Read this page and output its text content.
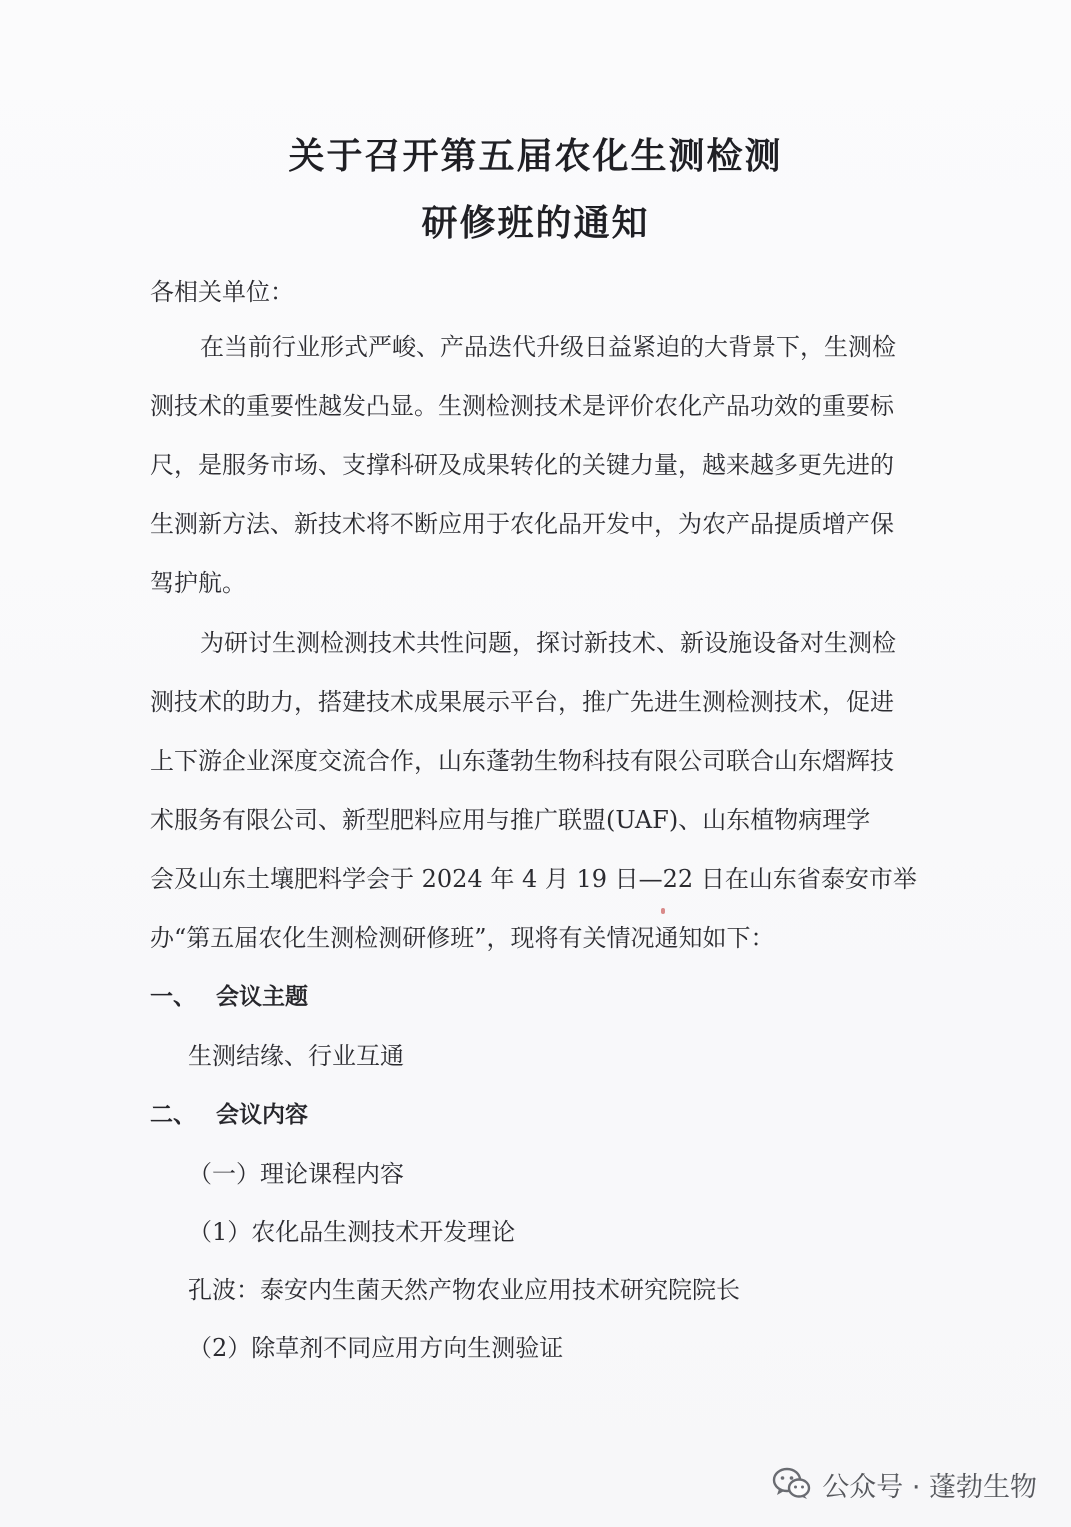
关于召开第五届农化生测检测
研修班的通知
各相关单位：
在当前行业形式严峻、产品迭代升级日益紧迫的大背景下，生测检
测技术的重要性越发凸显。生测检测技术是评价农化产品功效的重要标
尺，是服务市场、支撑科研及成果转化的关键力量，越来越多更先进的
生测新方法、新技术将不断应用于农化品开发中，为农产品提质增产保
驾护航。
为研讨生测检测技术共性问题，探讨新技术、新设施设备对生测检
测技术的助力，搭建技术成果展示平台，推广先进生测检测技术，促进
上下游企业深度交流合作，山东蓬勃生物科技有限公司联合山东熠辉技
术服务有限公司、新型肥料应用与推广联盟(UAF)、山东植物病理学
会及山东土壤肥料学会于 2024 年 4 月 19 日—22 日在山东省泰安市举
办“第五届农化生测检测研修班”，现将有关情况通知如下：
一、 会议主题
生测结缘、行业互通
二、 会议内容
（一）理论课程内容
（1）农化品生测技术开发理论
孔波：泰安内生菌天然产物农业应用技术研究院院长
（2）除草剂不同应用方向生测验证
公众号 · 蓬勃生物
